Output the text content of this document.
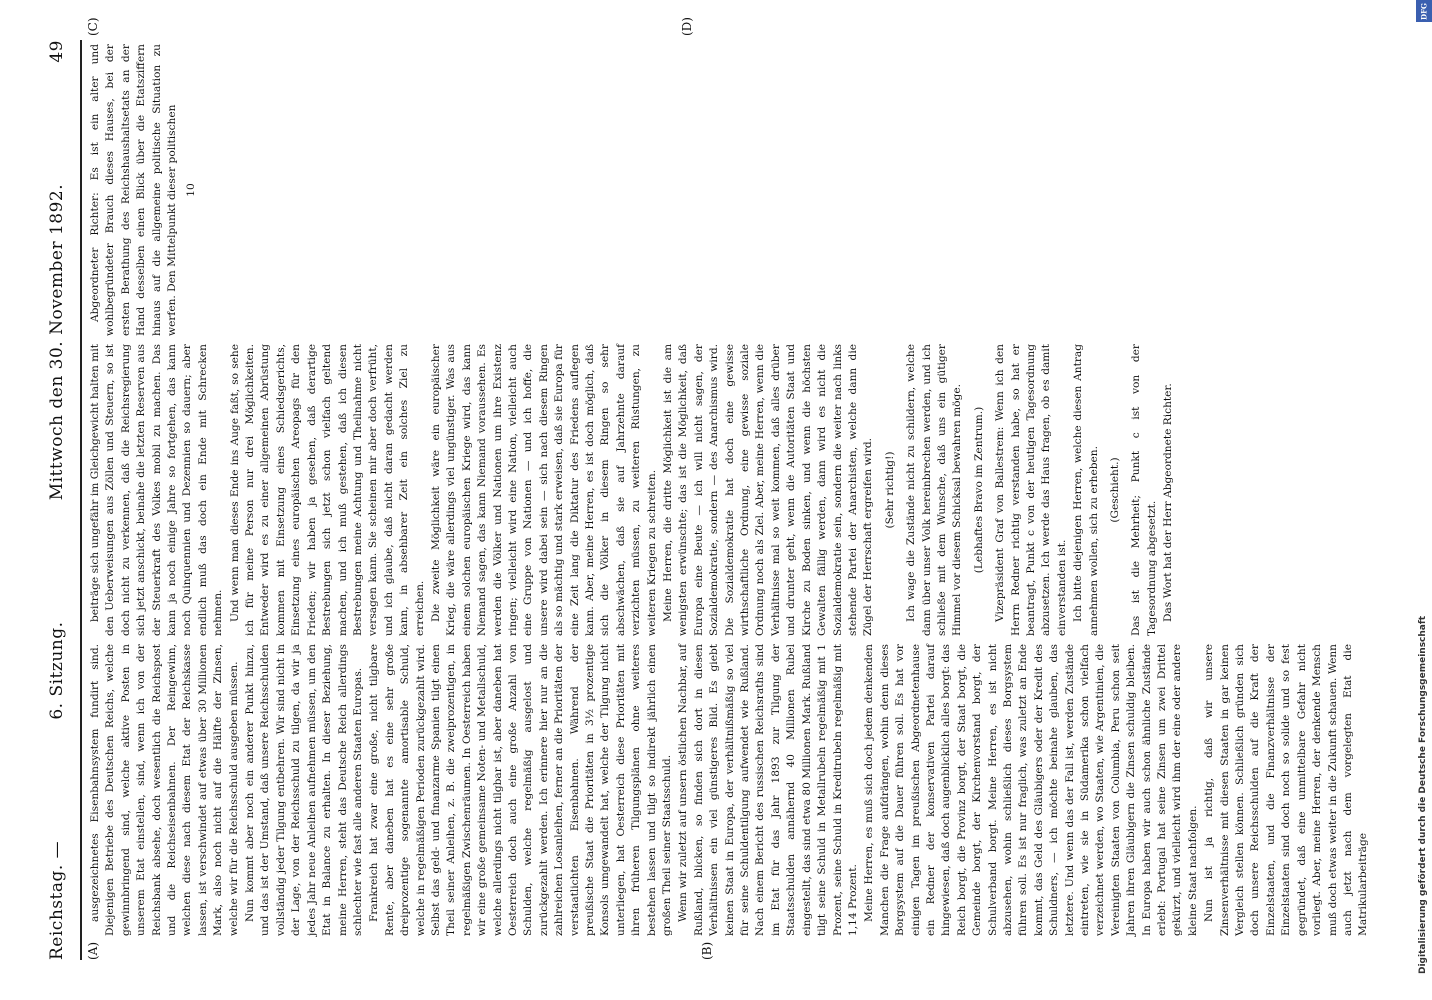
Reichstag. —
6. Sitzung.
Mittwoch den 30. November 1892.
49
(A)	(B)
(C)	(D)

ausgezeichnetes Eisenbahnsystem fundirt sind. Diejenigen Betriebe des Deutschen Reichs, welche gewinnbringend sind, welche aktive Posten in unserem Etat einstellen, sind, wenn ich von der Reichsbank absehe, doch wesentlich die Reichspost und die Reichseisenbahnen. Der Reingewinn, welchen diese nach diesem Etat der Reichskasse lassen, ist verschwindet auf etwas über 30 Millionen Mark, also noch nicht auf die Hälfte der Zinsen, welche wir für die Reichsschuld ausgeben müssen. Nun kommt aber noch ein anderer Punkt hinzu, und das ist der Umstand, daß unsere Reichsschulden vollständig jeder Tilgung entbehren. Wir sind nicht in der Lage, von der Reichsschuld zu tilgen, da wir ja jedes Jahr neue Anleihen aufnehmen müssen, um den Etat in Balance zu erhalten. In dieser Beziehung, meine Herren, steht das Deutsche Reich allerdings schlechter wie fast alle anderen Staaten Europas. Frankreich hat zwar eine große, nicht tilgbare Rente, aber daneben hat es eine sehr große dreiprozentige sogenannte amortisable Schuld, welche in regelmäßigen Perioden zurückgezahlt wird. Selbst das geld- und finanzarme Spanien tilgt einen Theil seiner Anleihen, z. B. die zweiprozentigen, in regelmäßigen Zwischenräumen. In Oesterreich haben wir eine große gemeinsame Noten- und Metallschuld, welche allerdings nicht tilgbar ist, aber daneben hat Oesterreich doch auch eine große Anzahl von Schulden, welche regelmäßig ausgelost und zurückgezahlt werden. Ich erinnere hier nur an die zahlreichen Losanleihen, ferner an die Prioritäten der verstaatlichten Eisenbahnen. Während der preußische Staat die Prioritäten in 3½ prozentige Konsols umgewandelt hat, welche der Tilgung nicht unterliegen, hat Oesterreich diese Prioritäten mit ihren früheren Tilgungsplänen ohne weiteres bestehen lassen und tilgt so indirekt jährlich einen großen Theil seiner Staatsschuld. Wenn wir zuletzt auf unsern östlichen Nachbar, auf Rußland, blicken, so finden sich dort in diesen Verhältnissen ein viel günstigeres Bild. Es giebt keinen Staat in Europa, der verhältnißmäßig so viel für seine Schuldentilgung aufwendet wie Rußland. Nach einem Bericht des russischen Reichsraths sind im Etat für das Jahr 1893 zur Tilgung der Staatsschulden annähernd 40 Millionen Rubel eingestellt, das sind etwa 80 Millionen Mark. Rußland tilgt seine Schuld in Metallrubeln regelmäßig mit 1 Prozent, seine Schuld in Kreditrubeln regelmäßig mit 1,14 Prozent. Meine Herren, es muß sich doch jedem denkenden Manchen die Frage aufdrängen, wohin denn dieses Borgsystem auf die Dauer führen soll. Es hat vor einigen Tagen im preußischen Abgeordnetenhause ein Redner der konservativen Partei darauf hingewiesen, daß doch augenblicklich alles borgt: das Reich borgt, die Provinz borgt, der Staat borgt, die Gemeinde borgt, der Kirchenvorstand borgt, der Schulverband borgt. Meine Herren, es ist nicht abzusehen, wohin schließlich dieses Borgsystem führen soll. Es ist nur fraglich, was zuletzt an Ende kommt, das Geld des Gläubigers oder der Kredit des Schuldners, — ich möchte beinahe glauben, das letztere. Und wenn das der Fall ist, werden Zustände eintreten, wie sie in Südamerika schon vielfach verzeichnet werden, wo Staaten, wie Argentinien, die Vereinigten Staaten von Columbia, Peru schon seit Jahren ihren Gläubigern die Zinsen schuldig bleiben. In Europa haben wir auch schon ähnliche Zustände erlebt: Portugal hat seine Zinsen um zwei Drittel gekürzt, und vielleicht wird ihm der eine oder andere kleine Staat nachfolgen. Nun ist ja richtig, daß wir unsere Zinsenverhältnisse mit diesen Staaten in gar keinen Vergleich stellen können. Schließlich gründen sich doch unsere Reichsschulden auf die Kraft der Einzelstaaten, und die Finanzverhältnisse der Einzelstaaten sind doch noch so solide und so fest gegründet, daß eine unmittelbare Gefahr nicht vorliegt. Aber, meine Herren, der denkende Mensch muß doch etwas weiter in die Zukunft schauen. Wenn auch jetzt nach dem vorgelegten Etat die Matrikularbeiträge

beiträge sich ungefähr im Gleichgewicht halten mit den Ueberweisungen aus Zöllen und Steuern, so ist doch nicht zu verkennen, daß die Reichsregierung sich jetzt anschickt, beinahe die letzten Reserven aus der Steuerkraft des Volkes mobil zu machen. Das kann ja noch einige Jahre so fortgehen, das kann noch Quinquennien und Dezennien so dauern; aber endlich muß das doch ein Ende mit Schrecken nehmen. Und wenn man dieses Ende ins Auge faßt, so sehe ich für meine Person nur drei Möglichkeiten. Entweder wird es zu einer allgemeinen Abrüstung kommen mit Einsetzung eines Schiedsgerichts, Einsetzung eines europäischen Areopags für den Frieden; wir haben ja gesehen, daß derartige Bestrebungen sich jetzt schon vielfach geltend machen, und ich muß gestehen, daß ich diesen Bestrebungen meine Achtung und Theilnahme nicht versagen kann. Sie scheinen mir aber doch verfrüht, und ich glaube, daß nicht daran gedacht werden kann, in absehbarer Zeit ein solches Ziel zu erreichen. Die zweite Möglichkeit wäre ein europäischer Krieg, die wäre allerdings viel ungünstiger. Was aus einem solchen europäischen Kriege wird, das kann Niemand sagen, das kann Niemand voraussehen. Es werden die Völker und Nationen um ihre Existenz ringen; vielleicht wird eine Nation, vielleicht auch eine Gruppe von Nationen — und ich hoffe, die unsere wird dabei sein — sich nach diesem Ringen als so mächtig und stark erweisen, daß sie Europa für eine Zeit lang die Diktatur des Friedens auflegen kann. Aber, meine Herren, es ist doch möglich, daß sich die Völker in diesem Ringen so sehr abschwächen, daß sie auf Jahrzehnte darauf verzichten müssen, zu weiteren Rüstungen, zu weiteren Kriegen zu schreiten. Meine Herren, die dritte Möglichkeit ist die am wenigsten erwünschte; das ist die Möglichkeit, daß Europa eine Beute — ich will nicht sagen, der Sozialdemokratie, sondern — des Anarchismus wird. Die Sozialdemokratie hat doch eine gewisse wirthschaftliche Ordnung, eine gewisse soziale Ordnung noch als Ziel. Aber, meine Herren, wenn die Verhältnisse mal so weit kommen, daß alles drüber und drunter geht, wenn die Autoritäten Staat und Kirche zu Boden sinken, und wenn die höchsten Gewalten fällig werden, dann wird es nicht die Sozialdemokratie sein, sondern die weiter nach links stehende Partei der Anarchisten, welche dann die Zügel der Herrschaft ergreifen wird. (Sehr richtig!) Ich wage die Zustände nicht zu schildern, welche dann über unser Volk hereinbrechen werden, und ich schließe mit dem Wunsche, daß uns ein gütiger Himmel vor diesem Schicksal bewahren möge. (Lebhaftes Bravo im Zentrum.) Vizepräsident Graf von Ballestrem: Wenn ich den Herrn Redner richtig verstanden habe, so hat er beantragt, Punkt c von der heutigen Tagesordnung abzusetzen. Ich werde das Haus fragen, ob es damit einverstanden ist. Ich bitte diejenigen Herren, welche diesen Antrag annehmen wollen, sich zu erheben. (Geschieht.) Das ist die Mehrheit; Punkt c ist von der Tagesordnung abgesetzt. Das Wort hat der Herr Abgeordnete Richter.

Abgeordneter Richter: Es ist ein alter und wohlbegründeter Brauch dieses Hauses, bei der ersten Berathung des Reichshaushaltsetats an der Hand desselben einen Blick über die Etatsziffern hinaus auf die allgemeine politische Situation zu werfen. Den Mittelpunkt dieser politischen 10

Digitalisierung gefördert durch die Deutsche Forschungsgemeinschaft
DFG
